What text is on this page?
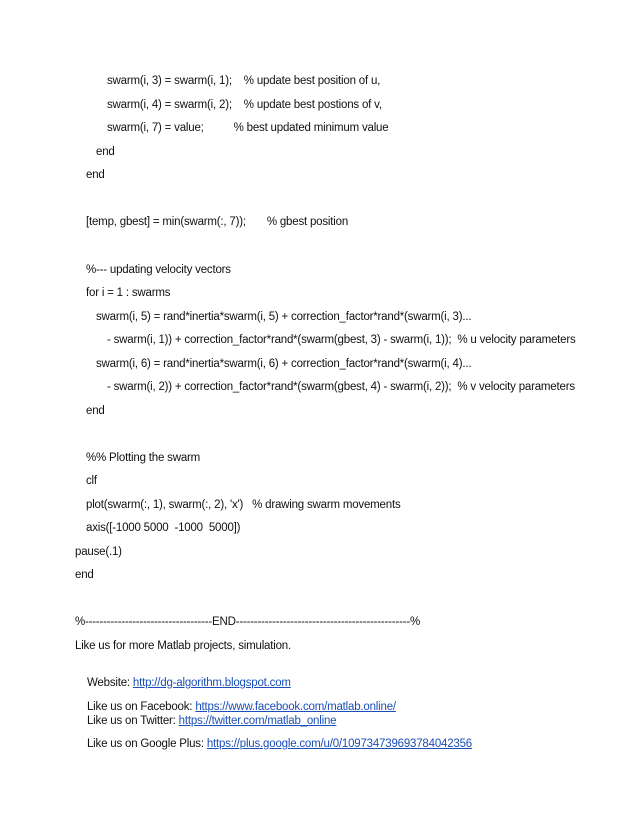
swarm(i, 3) = swarm(i, 1);    % update best position of u,
swarm(i, 4) = swarm(i, 2);    % update best postions of v,
swarm(i, 7) = value;          % best updated minimum value
end
end
[temp, gbest] = min(swarm(:, 7));       % gbest position
%--- updating velocity vectors
for i = 1 : swarms
swarm(i, 5) = rand*inertia*swarm(i, 5) + correction_factor*rand*(swarm(i, 3)...
- swarm(i, 1)) + correction_factor*rand*(swarm(gbest, 3) - swarm(i, 1));  % u velocity parameters
swarm(i, 6) = rand*inertia*swarm(i, 6) + correction_factor*rand*(swarm(i, 4)...
- swarm(i, 2)) + correction_factor*rand*(swarm(gbest, 4) - swarm(i, 2));  % v velocity parameters
end
%% Plotting the swarm
clf
plot(swarm(:, 1), swarm(:, 2), 'x')   % drawing swarm movements
axis([-1000 5000  -1000  5000])
pause(.1)
end
%-----------------------------------END------------------------------------------------%
Like us for more Matlab projects, simulation.

Website: http://dg-algorithm.blogspot.com

Like us on Facebook: https://www.facebook.com/matlab.online/

Like us on Twitter: https://twitter.com/matlab_online

Like us on Google Plus: https://plus.google.com/u/0/109734739693784042356
